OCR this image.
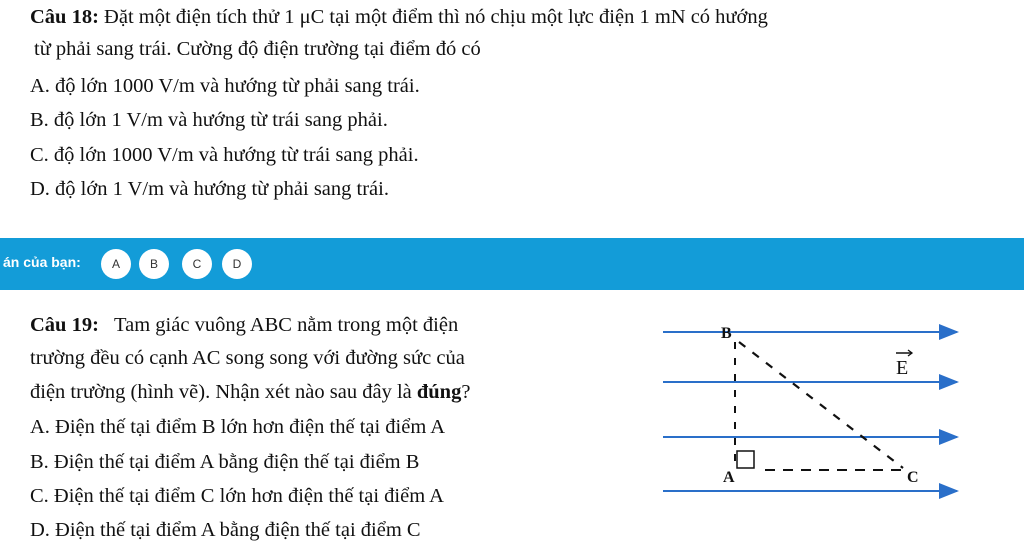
Câu 18: Đặt một điện tích thử 1 μC tại một điểm thì nó chịu một lực điện 1 mN có hướng
từ phải sang trái. Cường độ điện trường tại điểm đó có
A. độ lớn 1000 V/m và hướng từ phải sang trái.
B. độ lớn 1 V/m và hướng từ trái sang phải.
C. độ lớn 1000 V/m và hướng từ trái sang phải.
D. độ lớn 1 V/m và hướng từ phải sang trái.
án của bạn:	A	B	C	D
Câu 19: Tam giác vuông ABC nằm trong một điện
trường đều có cạnh AC song song với đường sức của
điện trường (hình vẽ). Nhận xét nào sau đây là đúng?
A. Điện thế tại điểm B lớn hơn điện thế tại điểm A
B. Điện thế tại điểm A bằng điện thế tại điểm B
C. Điện thế tại điểm C lớn hơn điện thế tại điểm A
D. Điện thế tại điểm A bằng điện thế tại điểm C
B
A	C
E
